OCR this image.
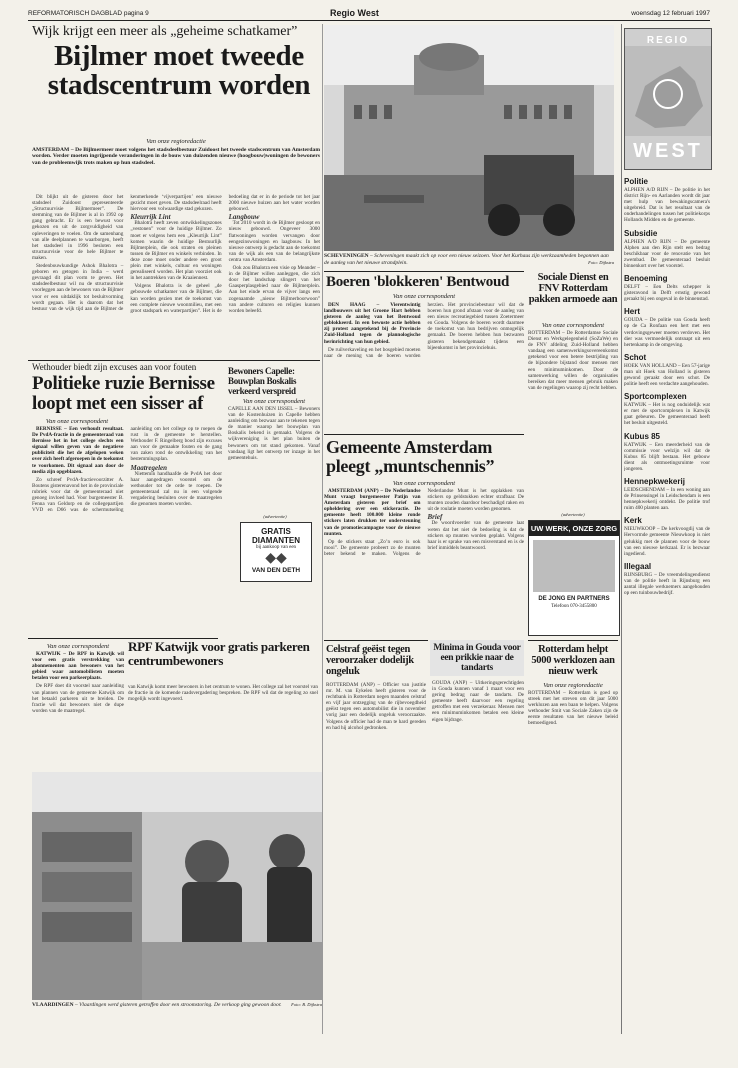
REFORMATORISCH DAGBLAD pagina 9	Regio West	woensdag 12 februari 1997
Wijk krijgt een meer als „geheime schatkamer”
Bijlmer moet tweede stadscentrum worden
Van onze regioredactie
AMSTERDAM – De Bijlmermeer moet volgens het stadsdeelbestuur Zuidoost het tweede stadscentrum van Amsterdam worden. Verder moeten ingrijpende veranderingen in de bouw van duizenden nieuwe (hoogbouw)woningen de bewoners van de probleemwijk trots maken op hun stadsdeel.

Dit blijkt uit de gisteren door het stadsdeel Zuidoost gepresenteerde „Structuurvisie Bijlmermeer”. De stemming van de Bijlmer is al in 1992 op gang gebracht. Er is een bewust voor gekozen en uit de zorgvuldigheid van opleveringen te voelen. Om de samenhang van alle deelplannen te waarborgen, heeft het stadsdeel in 1996 besloten een structuurvisie voor de hele Bijlmer te maken.

Stedenbouwkundige Ashok Bhalotra – geboren en getogen in India – werd gevraagd dit plan vorm te geven. Het stadsdeelbestuur wil nu de structuurvisie voorleggen aan de bewoners van de Bijlmer voor er een uitdaklijk tot besluitvorming wordt gegaan. Het is daarom dat het bestuur van de wijk tijd aan de Bijlmer de kenmerkende ‘vijverpartijen’ een nieuwe gezicht moet geven. De stadsdeelraad heeft hiervoor een volwaardige stad gekozen.

Kleurrijk Lint

Bhalotra heeft zeven ontwikkelingszones „vestonen” voor de huidige Bijlmer. Zo moet er volgens hem een „Kleurrijk Lint” komen waarin de huidige Bestuurlijk Bijlmerplein, die ook straten en pleinen tussen de Bijlmer en winkels verbinden. In deze zone moet onder andere een groot plein met winkels, cultuur en woningen gerealiseerd worden. Het plan voorziet ook in het aantrekken van de Kraaiennest.

Volgens Bhalotra is de geheel „de gebouwde schatkamer van de Bijlmer, die kan worden gezien met de toekomst van een complete nieuwe woonmilieu, met een groot stadspark en waterpartijen”. Het is de bedoeling dat er in de periode tot het jaar 2000 nieuwe huizen aan het water worden gebouwd.

Langbouw

Tot 2010 wordt in de Bijlmer gesloopt en nieuw gebouwd. Ongeveer 3000 flatwoningen worden vervangen door eengezinswoningen en laagbouw. In het nieuwe ontwerp is gedacht aan de toekomst van de wijk als een van de belangrijkste centra van Amsterdam.

Ook zou Bhalotra een visie op Meander – in de Bijlmer willen aanleggen, die zich door het landschap slingert van het Gaasperplasgebied naar de Bijlmerplein. Aan het einde ervan de vijver langs een zogenaamde „nieuw Bijlmerboorwoon” van andere culturen en religies kunnen worden beleefd.

SCHEVENINGEN – Scheveningen maakt zich op voor een nieuw seizoen. Voor het Kurhaus zijn werkzaamheden begonnen aan de aanleg van het nieuwe strandplein.	Foto: Dijkstra
Boeren 'blokkeren' Bentwoud
Van onze correspondent

DEN HAAG – Vierentwintig landbouwers uit het Groene Hart hebben gisteren de aanleg van het Bentwoud geblokkeerd. In een bewuste actie hebben zij protest aangetekend bij de Provincie Zuid-Holland tegen de plannologische herinrichting van hun gebied.

De ruilverkaveling en het bosgebied moeten naar de mening van de boeren worden herzien. Het provinciebestuur wil dat de boeren hun grond afstaan voor de aanleg van een nieuw recreatiegebied tussen Zoetermeer en Gouda. Volgens de boeren wordt daarmee de toekomst van hun bedrijven onmogelijk gemaakt. De boeren hebben hun bezwaren gisteren bekendgemaakt tijdens een bijeenkomst in het provinciehuis.

Sociale Dienst en FNV Rotterdam pakken armoede aan
Van onze correspondent
ROTTERDAM – De Rotterdamse Sociale Dienst en Werkgelegenheid (SoZaWe) en de FNV afdeling Zuid-Holland hebben vandaag een samenwerkingsovereenkomst getekend voor een betere bestrijding van de bijzondere bijstand door mensen met een minimuminkomen. Door de samenwerking willen de organisaties bereiken dat meer mensen gebruik maken van de regelingen waarop zij recht hebben.
Wethouder biedt zijn excuses aan voor fouten
Politieke ruzie Bernisse loopt met een sisser af
Van onze correspondent

BERNISSE – Een verhoudt resultaat. De PvdA-fractie in de gemeenteraad van Bernisse het in het college slechts een signaal willen geven van de negatieve publiciteit die het de afgelopen weken over zich heeft afgeroepen in de toekomst te voorkomen. Dit signaal aan door de media zijn opgeblazen.

Zo schreef PvdA-fractievoorzitter A. Boutens gisterenavond het in de provinciale rubriek voor dat de gemeenteraad niet genoeg invloed had. Voor burgemeester B. Fenna van Geldorp en de collegepartijen VVD en D66 was de schermutseling aanleiding om het college op te roepen de rust in de gemeente te herstellen. Wethouder F. Ringelberg bood zijn excuses aan voor de gemaakte fouten en de gang van zaken rond de ontwikkeling van het bestemmingsplan.

Maatregelen

Niettemin handhaafde de PvdA het door haar aangedragen voorstel om de wethouder tot de orde te roepen. De gemeenteraad zal nu in een volgende vergadering besluiten over de maatregelen die genomen moeten worden.

Bewoners Capelle: Bouwplan Boskalis verkeerd verspreid
Van onze correspondent
CAPELLE AAN DEN IJSSEL – Bewoners van de Kostenhuizen in Capelle hebben aanleiding om bezwaar aan te tekenen tegen de manier waarop het bouwplan van Boskalis bekend is gemaakt. Volgens de wijkvereniging is het plan buiten de bewoners om tot stand gekomen. Vanaf vandaag ligt het ontwerp ter inzage in het gemeentehuis.
(advertentie)
GRATIS DIAMANTEN
bij aankoop van een
◆◆
VAN DEN DETH
Van onze correspondent

KATWIJK – De RPF in Katwijk wil voor een gratis verstrekking van abonnementen aan bewoners van het gebied waar automobilisten moeten betalen voor een parkeerplaats.

De RPF doet dit voorstel naar aanleiding van plannen van de gemeente Katwijk om het betaald parkeren uit te breiden. De fractie wil dat bewoners niet de dupe worden van de maatregel.

RPF Katwijk voor gratis parkeren centrumbewoners
van Katwijk komt meer bewoners in het centrum te wonen. Het college zal het voorstel van de fractie in de komende raadsvergadering bespreken. De RPF wil dat de regeling zo snel mogelijk wordt ingevoerd.
VLAARDINGEN – Vlaardingen werd gisteren getroffen door een stroomstoring. De verkoop ging gewoon door. Foto: B. Dijkstra
Gemeente Amsterdam pleegt „muntschennis”
Van onze correspondent

AMSTERDAM (ANP) – De Nederlandse Munt vraagt burgemeester Patijn van Amsterdam gisteren per brief om opheldering over een stickeractie. De gemeente heeft 100.000 kleine ronde stickers laten drukken ter ondersteuning van de promotiecampagne voor de nieuwe munten.

Op de stickers staat „Zo’n euro is ook mooi”. De gemeente probeert zo de munten beter bekend te maken. Volgens de Nederlandse Munt is het opplakken van stickers op geldstukken echter strafbaar. De munten zouden daardoor beschadigd raken en uit de roulatie moeten worden genomen.

Brief

De woordvoerder van de gemeente laat weten dat het niet de bedoeling is dat de stickers op munten worden geplakt. Volgens haar is er sprake van een misverstand en is de brief inmiddels beantwoord.

(advertentie)
UW WERK, ONZE ZORG
DE JONG EN PARTNERS
Telefoon 070-3455800
Celstraf geëist tegen veroorzaker dodelijk ongeluk
ROTTERDAM (ANP) – Officier van justitie mr. M. van Eykelen heeft gisteren voor de rechtbank in Rotterdam negen maanden celstraf en vijf jaar ontzegging van de rijbevoegdheid geëist tegen een automobilist die in november vorig jaar een dodelijk ongeluk veroorzaakte. Volgens de officier had de man te hard gereden en had hij alcohol gedronken.
Minima in Gouda voor een prikkie naar de tandarts
GOUDA (ANP) – Uitkeringsgerechtigden in Gouda kunnen vanaf 1 maart voor een gering bedrag naar de tandarts. De gemeente heeft daarvoor een regeling getroffen met een verzekeraar. Mensen met een minimuminkomen betalen een kleine eigen bijdrage.
Rotterdam helpt 5000 werklozen aan nieuw werk
Van onze regioredactie
ROTTERDAM – Rotterdam is goed op streek met het streven om dit jaar 5000 werklozen aan een baan te helpen. Volgens wethouder Smit van Sociale Zaken zijn de eerste resultaten van het nieuwe beleid bemoedigend.
REGIO
WEST
Politie
ALPHEN A/D RIJN – De politie in het district Rijn- en Aarlanden wordt dit jaar met hulp van bewakingscamera's uitgebreid. Dat is het resultaat van de onderhandelingen tussen het politiekorps Hollands Midden en de gemeente.
Subsidie
ALPHEN A/D RIJN – De gemeente Alphen aan den Rijn stelt een bedrag beschikbaar voor de renovatie van het zwembad. De gemeenteraad besluit binnenkort over het voorstel.
Benoeming
DELFT – Een Delts schepper is gisteravond in Delft ernstig gewond geraakt bij een ongeval in de binnenstad.
Hert
GOUDA – De politie van Gouda heeft op de Ca Ronfaan een hert met een verdovingsgeweer moeten verdoven. Het dier was vermoedelijk ontsnapt uit een hertenkamp in de omgeving.
Schot
HOEK VAN HOLLAND – Een 57-jarige man uit Hoek van Holland is gisteren gewond geraakt door een schot. De politie heeft een verdachte aangehouden.
Sportcomplexen
KATWIJK – Het is nog onduidelijk wat er met de sportcomplexen in Katwijk gaat gebeuren. De gemeenteraad heeft het besluit uitgesteld.
Kubus 85
KATWIJK – Een meerderheid van de commissie voor welzijn wil dat de Kubus 85 blijft bestaan. Het gebouw dient als ontmoetingsruimte voor jongeren.
Hennepkwekerij
LEIDSCHENDAM – In een woning aan de Prinsensingel in Leidschendam is een hennepkwekerij ontdekt. De politie trof ruim 400 planten aan.
Kerk
NIEUWKOOP – De kerkvoogdij van de Hervormde gemeente Nieuwkoop is niet gelukkig met de plannen voor de bouw van een nieuwe kerkzaal. Er is bezwaar ingediend.
Illegaal
RIJNSBURG – De vreemdelingendienst van de politie heeft in Rijnsburg een aantal illegale werknemers aangehouden op een tuinbouwbedrijf.
